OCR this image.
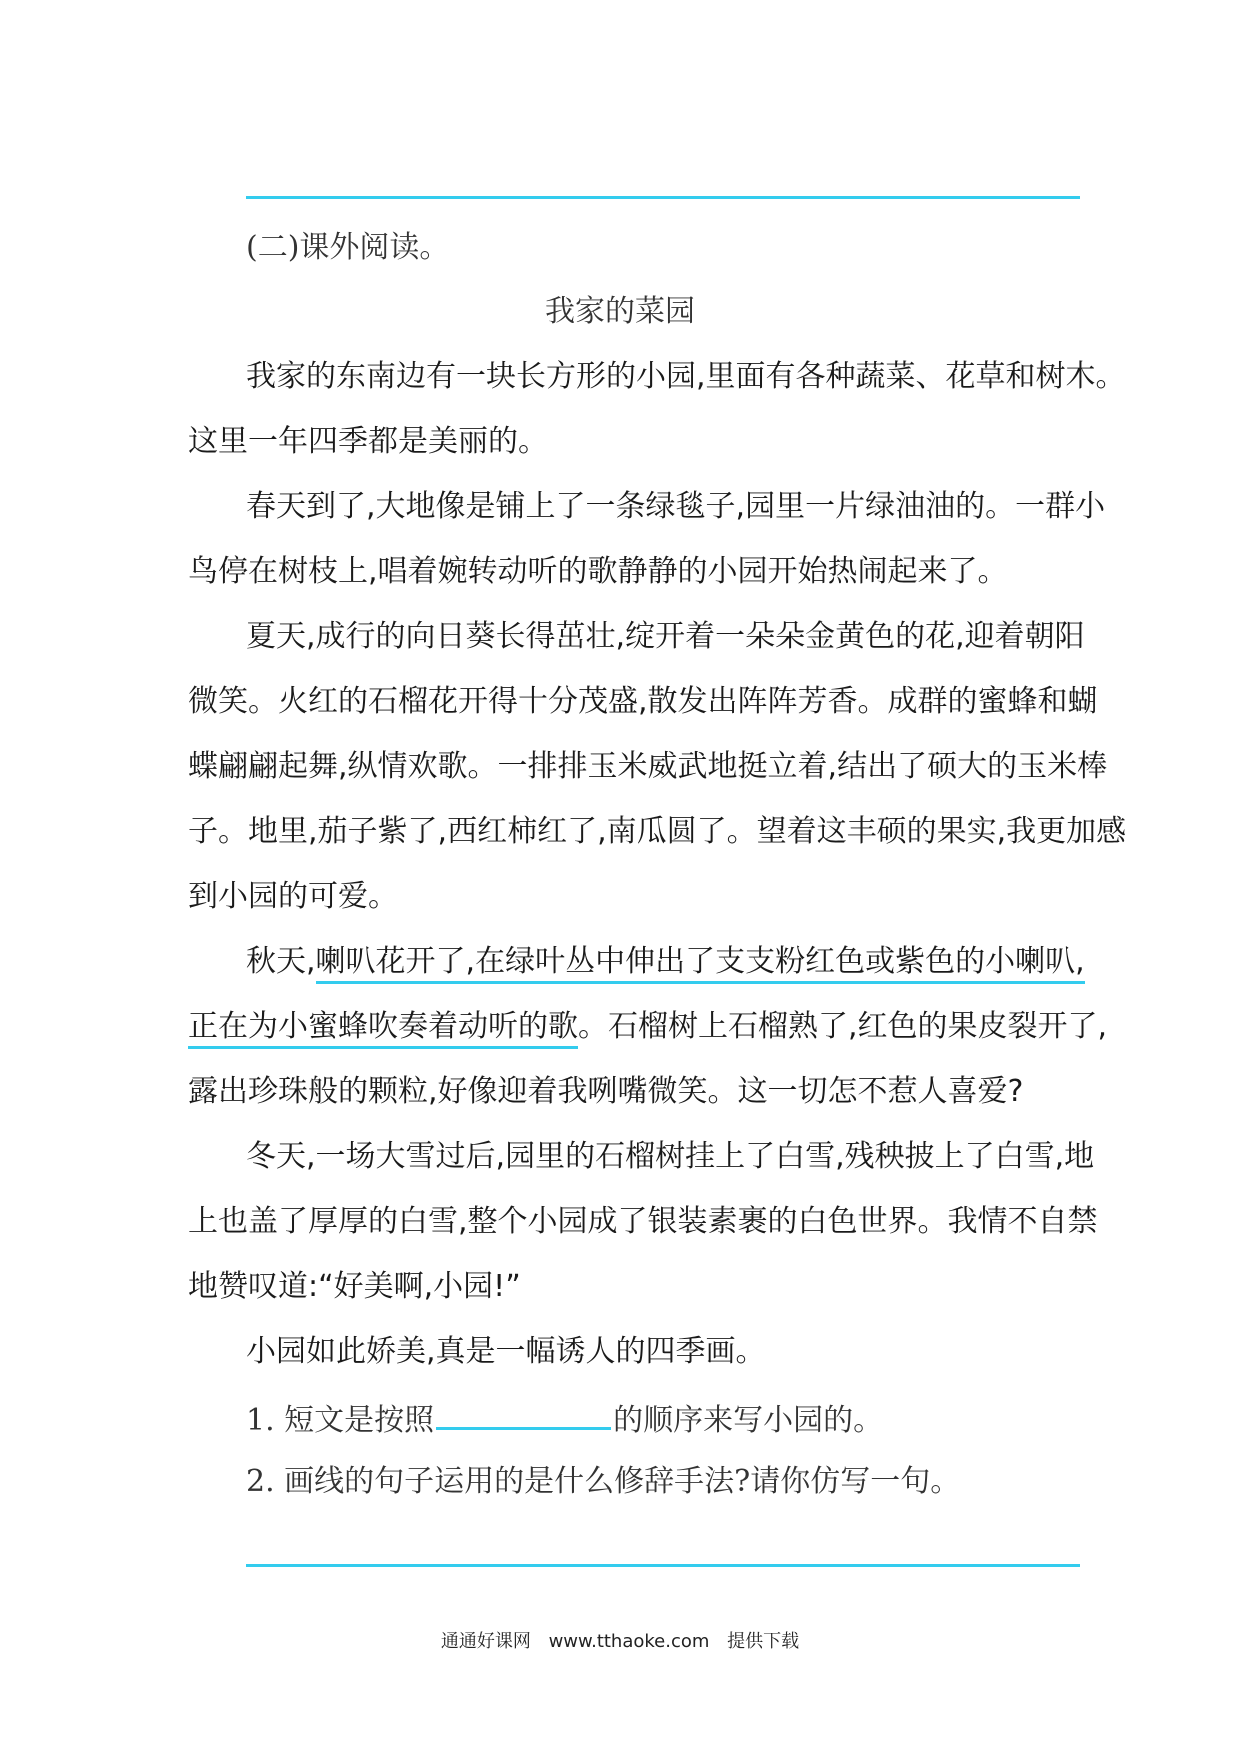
(二)课外阅读。
我家的菜园
我家的东南边有一块长方形的小园,里面有各种蔬菜、花草和树木。
这里一年四季都是美丽的。
春天到了,大地像是铺上了一条绿毯子,园里一片绿油油的。一群小
鸟停在树枝上,唱着婉转动听的歌静静的小园开始热闹起来了。
夏天,成行的向日葵长得茁壮,绽开着一朵朵金黄色的花,迎着朝阳
微笑。火红的石榴花开得十分茂盛,散发出阵阵芳香。成群的蜜蜂和蝴
蝶翩翩起舞,纵情欢歌。一排排玉米威武地挺立着,结出了硕大的玉米棒
子。地里,茄子紫了,西红柿红了,南瓜圆了。望着这丰硕的果实,我更加感
到小园的可爱。
秋天,喇叭花开了,在绿叶丛中伸出了支支粉红色或紫色的小喇叭,
正在为小蜜蜂吹奏着动听的歌。石榴树上石榴熟了,红色的果皮裂开了,
露出珍珠般的颗粒,好像迎着我咧嘴微笑。这一切怎不惹人喜爱?
冬天,一场大雪过后,园里的石榴树挂上了白雪,残秧披上了白雪,地
上也盖了厚厚的白雪,整个小园成了银装素裹的白色世界。我情不自禁
地赞叹道:“好美啊,小园!”
小园如此娇美,真是一幅诱人的四季画。
1. 短文是按照	的顺序来写小园的。
2. 画线的句子运用的是什么修辞手法?请你仿写一句。
通通好课网 www.tthaoke.com 提供下载
